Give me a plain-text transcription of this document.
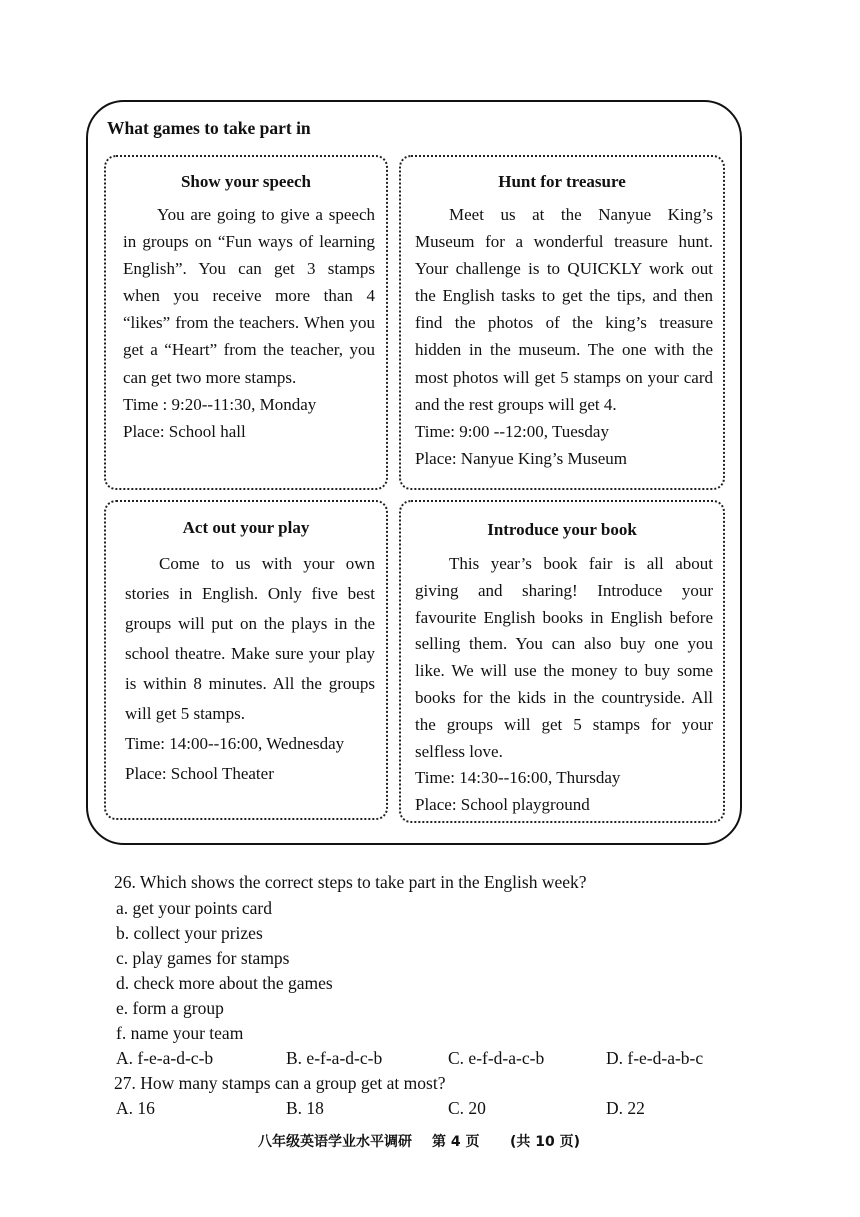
What games to take part in
Show your speech

You are going to give a speech in groups on “Fun ways of learning English”. You can get 3 stamps when you receive more than 4 “likes” from the teachers. When you get a “Heart” from the teacher, you can get two more stamps.

Time : 9:20--11:30, Monday
Place: School hall
Hunt for treasure

Meet us at the Nanyue King’s Museum for a wonderful treasure hunt. Your challenge is to QUICKLY work out the English tasks to get the tips, and then find the photos of the king’s treasure hidden in the museum. The one with the most photos will get 5 stamps on your card and the rest groups will get 4.

Time: 9:00 --12:00, Tuesday
Place: Nanyue King’s Museum
Act out your play

Come to us with your own stories in English. Only five best groups will put on the plays in the school theatre. Make sure your play is within 8 minutes. All the groups will get 5 stamps.

Time: 14:00--16:00, Wednesday
Place: School Theater
Introduce your book

This year’s book fair is all about giving and sharing! Introduce your favourite English books in English before selling them. You can also buy one you like. We will use the money to buy some books for the kids in the countryside. All the groups will get 5 stamps for your selfless love.

Time: 14:30--16:00, Thursday
Place: School playground
26. Which shows the correct steps to take part in the English week?
a. get your points card
b. collect your prizes
c. play games for stamps
d. check more about the games
e. form a group
f. name your team
A. f-e-a-d-c-b	B. e-f-a-d-c-b	C. e-f-d-a-c-b	D. f-e-d-a-b-c
27. How many stamps can a group get at most?
A. 16	B. 18	C. 20	D. 22
八年级英语学业水平调研 第 4 页 (共 10 页)
